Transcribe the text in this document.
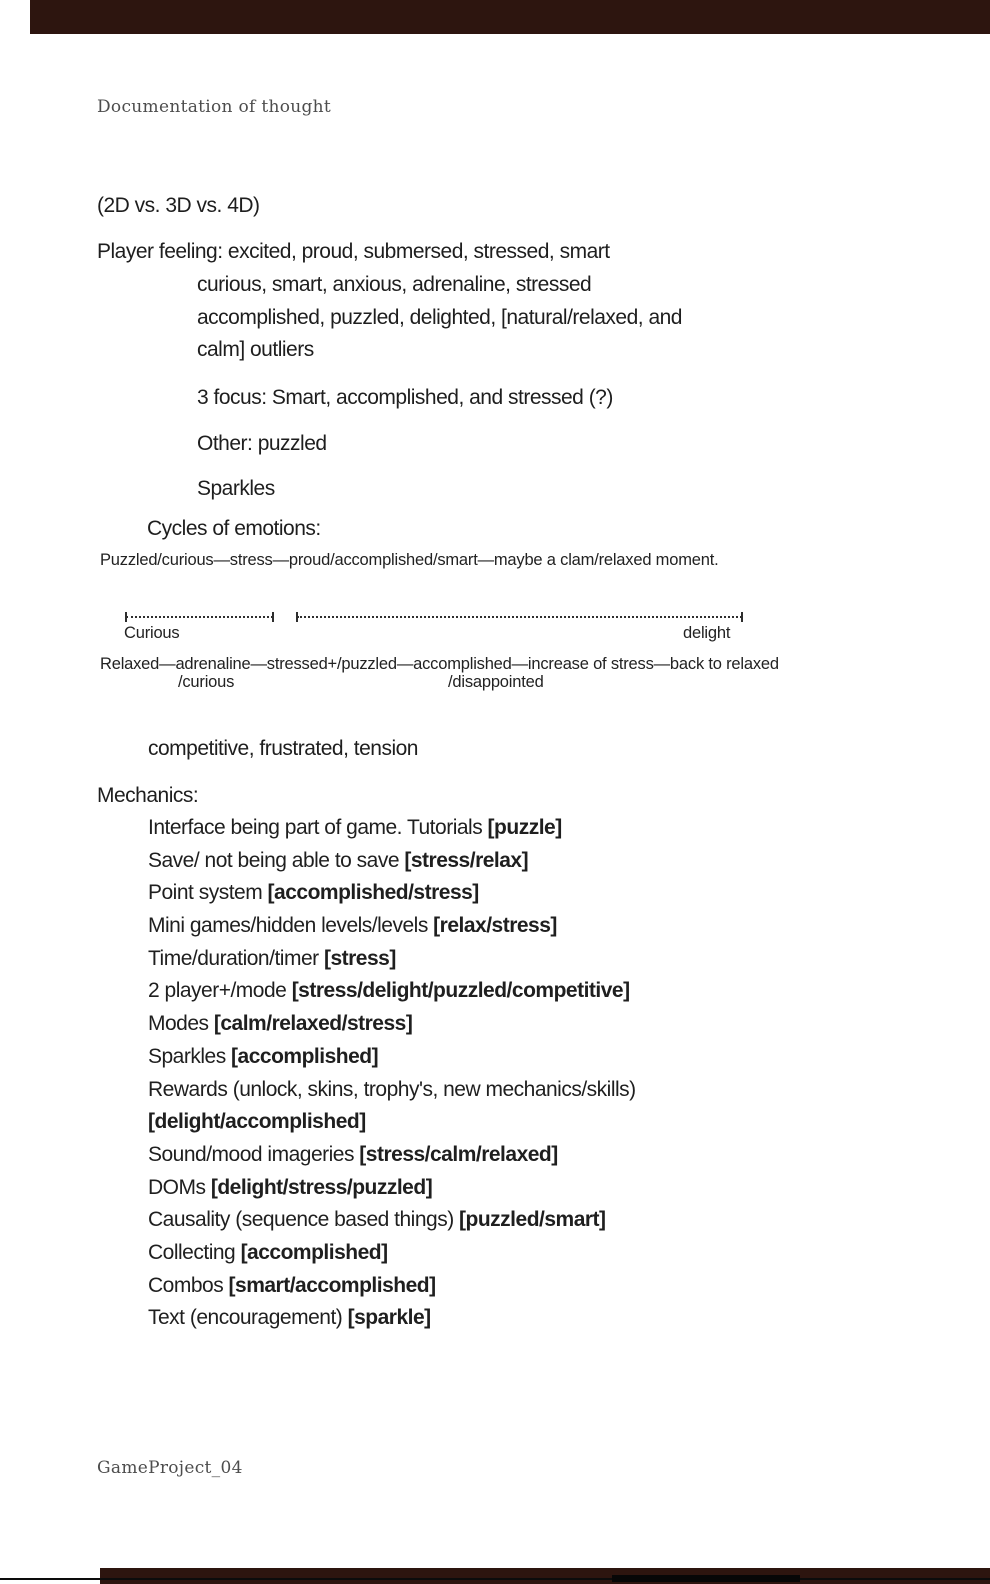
Documentation of thought
(2D vs. 3D vs. 4D)
Player feeling: excited, proud, submersed, stressed, smart
curious, smart, anxious, adrenaline, stressed
accomplished, puzzled, delighted, [natural/relaxed, and
calm] outliers
3 focus: Smart, accomplished, and stressed (?)
Other: puzzled
Sparkles
Cycles of emotions:
Puzzled/curious—stress—proud/accomplished/smart—maybe a clam/relaxed moment.
Curious	delight
Relaxed—adrenaline—stressed+/puzzled—accomplished—increase of stress—back to relaxed
/curious	/disappointed
competitive, frustrated, tension
Mechanics:
Interface being part of game. Tutorials [puzzle]
Save/ not being able to save [stress/relax]
Point system [accomplished/stress]
Mini games/hidden levels/levels [relax/stress]
Time/duration/timer [stress]
2 player+/mode [stress/delight/puzzled/competitive]
Modes [calm/relaxed/stress]
Sparkles [accomplished]
Rewards (unlock, skins, trophy's, new mechanics/skills)
[delight/accomplished]
Sound/mood imageries [stress/calm/relaxed]
DOMs [delight/stress/puzzled]
Causality (sequence based things) [puzzled/smart]
Collecting [accomplished]
Combos [smart/accomplished]
Text (encouragement) [sparkle]
GameProject_04
